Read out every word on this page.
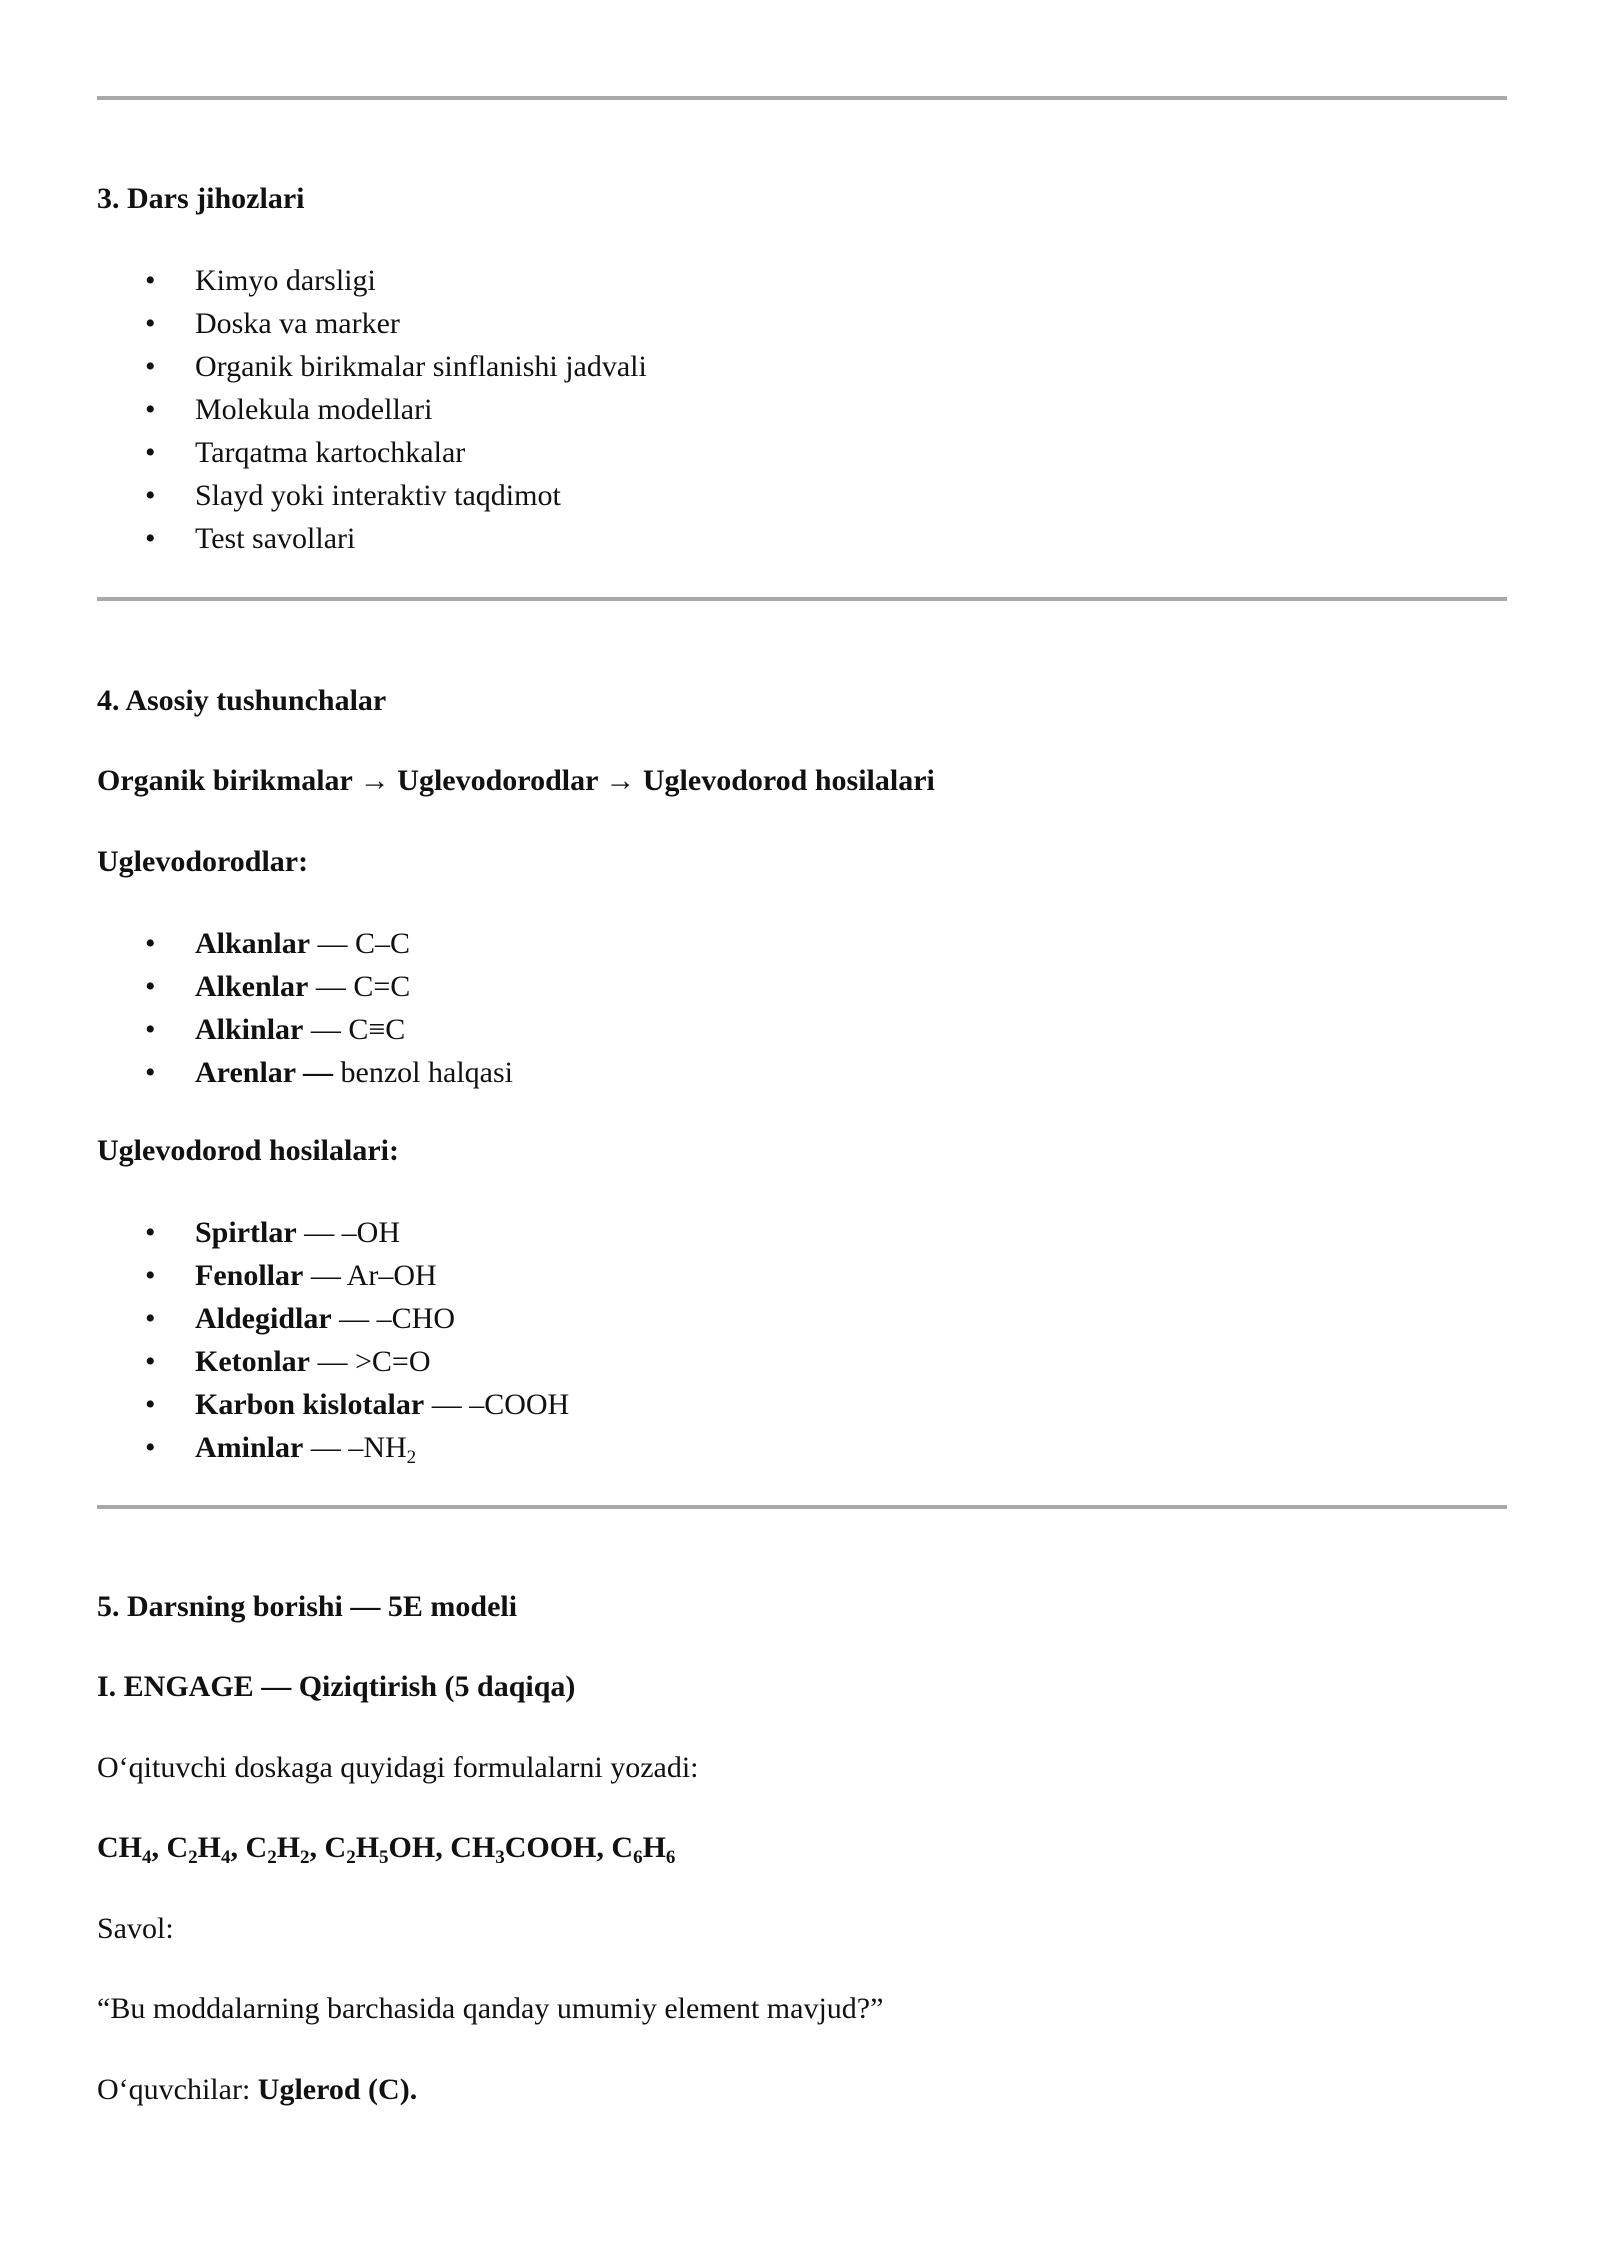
3. Dars jihozlari
• Kimyo darsligi
• Doska va marker
• Organik birikmalar sinflanishi jadvali
• Molekula modellari
• Tarqatma kartochkalar
• Slayd yoki interaktiv taqdimot
• Test savollari
4. Asosiy tushunchalar
Organik birikmalar → Uglevodorodlar → Uglevodorod hosilalari
Uglevodorodlar:
• Alkanlar — C–C
• Alkenlar — C=C
• Alkinlar — C≡C
• Arenlar — benzol halqasi
Uglevodorod hosilalari:
• Spirtlar — –OH
• Fenollar — Ar–OH
• Aldegidlar — –CHO
• Ketonlar — >C=O
• Karbon kislotalar — –COOH
• Aminlar — $-NH_2$
5. Darsning borishi — 5E modeli
I. ENGAGE — Qiziqtirish (5 daqiqa)
O‘qituvchi doskaga quyidagi formulalarni yozadi:
$CH_4$, $C_2H_4$, $C_2H_2$, $C_2H_5OH$, $CH_3COOH$, $C_6H_6$
Savol:
“Bu moddalarning barchasida qanday umumiy element mavjud?”
O‘quvchilar: Uglerod (C).
